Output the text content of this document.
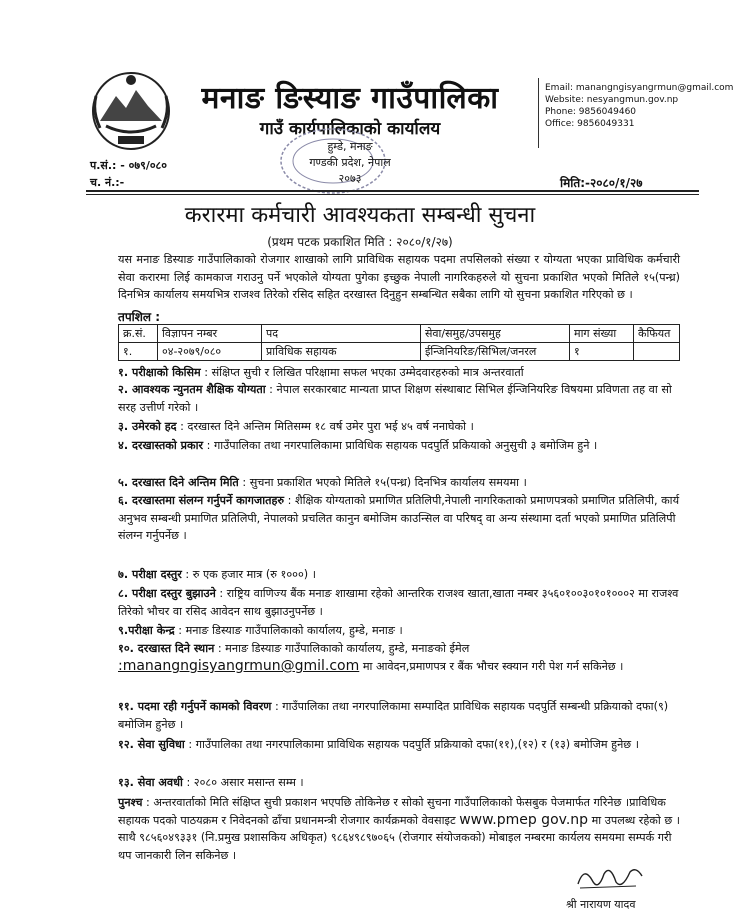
मनाङ ङिस्याङ गाउँपालिका
गाउँ कार्यपालिकाको कार्यालय
हुम्डे, मनाङ
गण्डकी प्रदेश, नेपाल
२०७३
Email: manangngisyangrmun@gmail.com
Website: nesyangmun.gov.np
Phone: 9856049460
Office: 9856049331
प.सं.: - ०७९/०८०
च. नं.:-	मिति:-२०८०/१/२७
करारमा कर्मचारी आवश्यकता सम्बन्धी सुचना
(प्रथम पटक प्रकाशित मिति : २०८०/१/२७)
यस मनाङ डिस्याङ गाउँपालिकाको रोजगार शाखाको लागि प्राविधिक सहायक पदमा तपसिलको संख्या र योग्यता भएका प्राविधिक कर्मचारी सेवा करारमा लिई कामकाज गराउनु पर्ने भएकोले योग्यता पुगेका इच्छुक नेपाली नागरिकहरुले यो सुचना प्रकाशित भएको मितिले १५(पन्ध्र) दिनभित्र कार्यालय समयभित्र राजश्व तिरेको रसिद सहित दरखास्त दिनुहुन सम्बन्धित सबैका लागि यो सुचना प्रकाशित गरिएको छ ।
तपशिल :
क्र.सं.	विज्ञापन नम्बर	पद	सेवा/समुह/उपसमुह	माग संख्या	कैफियत
१.	०४-२०७९/०८०	प्राविधिक सहायक	ईन्जिनियरिङ/सिभिल/जनरल	१	
१. परीक्षाको किसिम : संक्षिप्त सुची र लिखित परिक्षामा सफल भएका उम्मेदवारहरुको मात्र अन्तरवार्ता
२. आवश्यक न्युनतम शैक्षिक योग्यता : नेपाल सरकारबाट मान्यता प्राप्त शिक्षण संस्थाबाट सिभिल ईन्जिनियरिङ विषयमा प्रविणता तह वा सो सरह उत्तीर्ण गरेको ।
३. उमेरको हद : दरखास्त दिने अन्तिम मितिसम्म १८ वर्ष उमेर पुरा भई ४५ वर्ष ननाघेको ।
४. दरखास्तको प्रकार : गाउँपालिका तथा नगरपालिकामा प्राविधिक सहायक पदपुर्ति प्रकियाको अनुसुची ३ बमोजिम हुने ।
५. दरखास्त दिने अन्तिम मिति : सुचना प्रकाशित भएको मितिले १५(पन्ध्र) दिनभित्र कार्यालय समयमा ।
६. दरखास्तमा संलग्न गर्नुपर्ने कागजातहरु : शैक्षिक योग्यताको प्रमाणित प्रतिलिपी,नेपाली नागरिकताको प्रमाणपत्रको प्रमाणित प्रतिलिपी, कार्य अनुभव सम्बन्धी प्रमाणित प्रतिलिपी, नेपालको प्रचलित कानुन बमोजिम काउन्सिल वा परिषद् वा अन्य संस्थामा दर्ता भएको प्रमाणित प्रतिलिपी संलग्न गर्नुपर्नेछ ।
७. परीक्षा दस्तुर : रु एक हजार मात्र (रु १०००) ।
८. परीक्षा दस्तुर बुझाउने : राष्ट्रिय वाणिज्य बैंक मनाङ शाखामा रहेको आन्तरिक राजश्व खाता,खाता नम्बर ३५६०१००३०१०१०००२ मा राजश्व तिरेको भौचर वा रसिद आवेदन साथ बुझाउनुपर्नेछ ।
९.परीक्षा केन्द्र : मनाङ डिस्याङ गाउँपालिकाको कार्यालय, हुम्डे, मनाङ ।
१०. दरखास्त दिने स्थान : मनाङ डिस्याङ गाउँपालिकाको कार्यालय, हुम्डे, मनाङको ईमेल
:manangngisyangrmun@gmil.com मा आवेदन,प्रमाणपत्र र बैंक भौचर स्क्यान गरी पेश गर्न सकिनेछ ।
११. पदमा रही गर्नुपर्ने कामको विवरण : गाउँपालिका तथा नगरपालिकामा सम्पादित प्राविधिक सहायक पदपुर्ति सम्बन्धी प्रक्रियाको दफा(९) बमोजिम हुनेछ ।
१२. सेवा सुविधा : गाउँपालिका तथा नगरपालिकामा प्राविधिक सहायक पदपुर्ति प्रक्रियाको दफा(११),(१२) र (१३) बमोजिम हुनेछ ।
१३. सेवा अवधी : २०८० असार मसान्त सम्म ।
पुनश्च : अन्तरवार्ताको मिति संक्षिप्त सुची प्रकाशन भएपछि तोकिनेछ र सोको सुचना गाउँपालिकाको फेसबुक पेजमार्फत गरिनेछ ।प्राविधिक सहायक पदको पाठयक्रम र निवेदनको ढाँचा प्रधानमन्त्री रोजगार कार्यक्रमको वेवसाइट www.pmep gov.np मा उपलब्ध रहेको छ । साथै ९८५६०४९३३१ (नि.प्रमुख प्रशासकिय अधिकृत) ९८६४९८९७०६५ (रोजगार संयोजकको) मोबाइल नम्बरमा कार्यलय समयमा सम्पर्क गरी थप जानकारी लिन सकिनेछ ।
श्री नारायण यादव
